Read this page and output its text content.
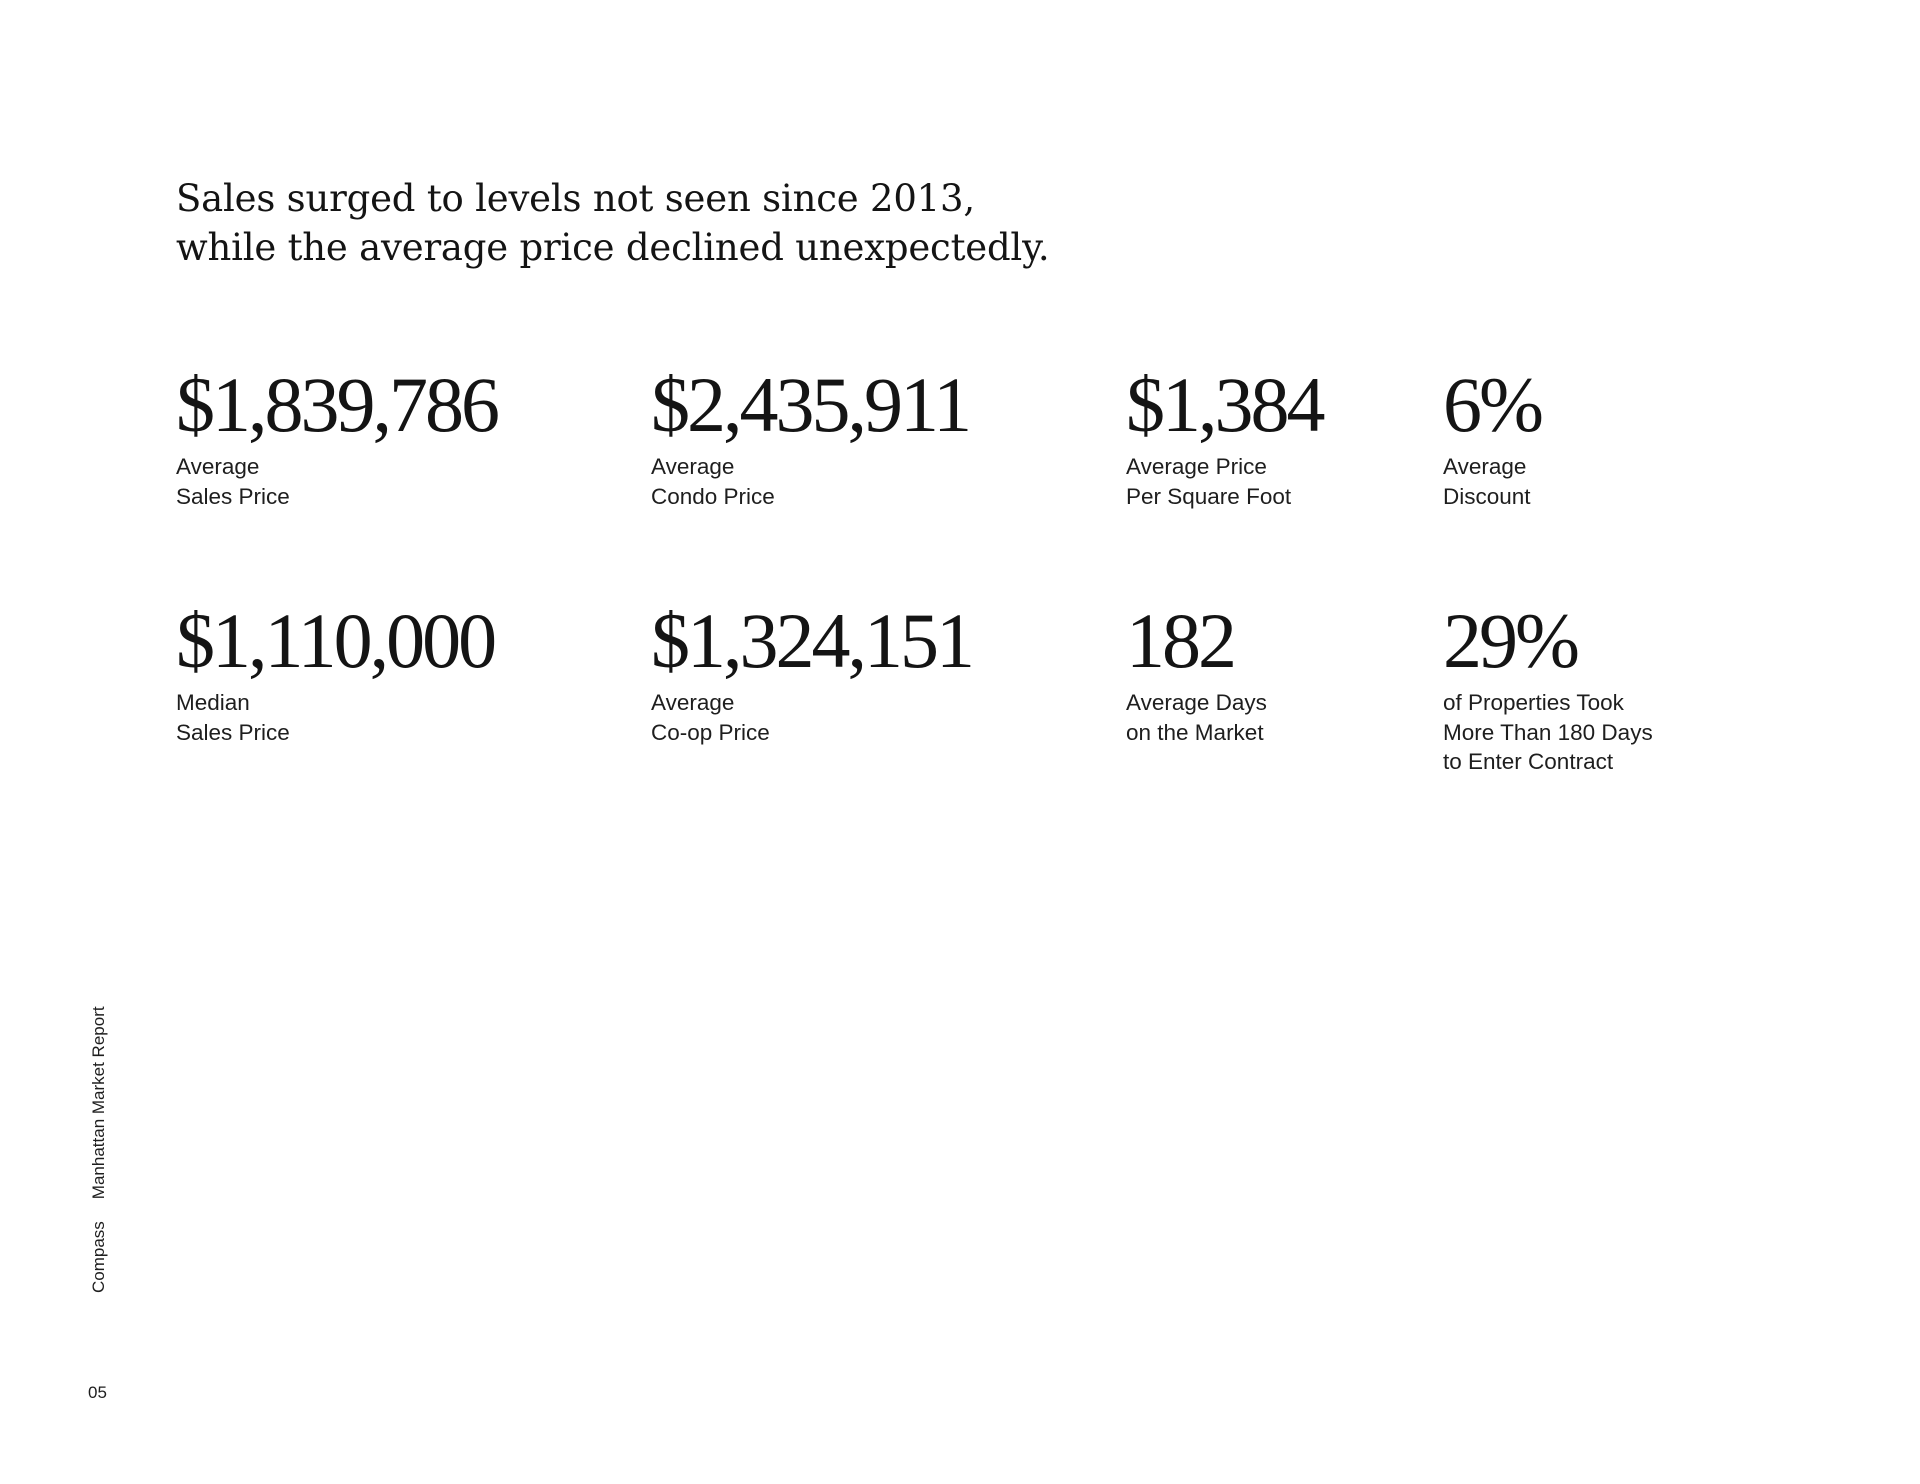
Sales surged to levels not seen since 2013,
while the average price declined unexpectedly.
$1,839,786
Average
Sales Price
$2,435,911
Average
Condo Price
$1,384
Average Price
Per Square Foot
6%
Average
Discount
$1,110,000
Median
Sales Price
$1,324,151
Average
Co-op Price
182
Average Days
on the Market
29%
of Properties Took
More Than 180 Days
to Enter Contract
CompassManhattan Market Report
05
